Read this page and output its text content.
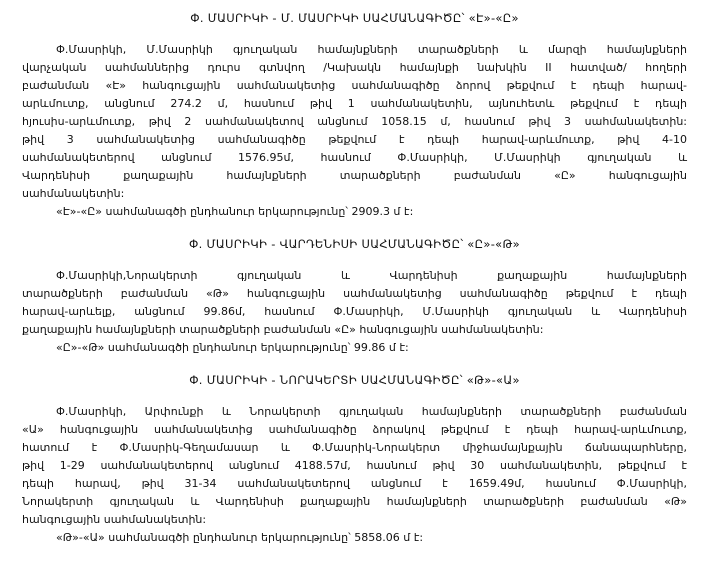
Փ. ՄԱՍՐԻԿԻ - Մ. ՄԱՍՐԻԿԻ ՍԱՀՄԱՆԱԳԻԾԸ՝ «Է»-«Ը»
Փ.Մասրիկի, Մ.Մասրիկի գյուղական համայնքների տարածքների և մարզի համայնքների
վարչական սահմաններից դուրս գտնվող /Կախակն համայնքի նախկին II հատված/ հողերի
բաժանման «Է» հանգուցային սահմանակետից սահմանագիծը ձորով թեքվում է դեպի հարավ-
արևմուտք, անցնում 274.2 մ, հասնում թիվ 1 սահմանակետին, այնուհետև թեքվում է դեպի
հյուսիս-արևմուտք, թիվ 2 սահմանակետով անցնում 1058.15 մ, հասնում թիվ 3 սահմանակետին:
թիվ 3 սահմանակետից սահմանագիծը թեքվում է դեպի հարավ-արևմուտք, թիվ 4-10
սահմանակետերով անցնում 1576.95մ, հասնում Փ.Մասրիկի, Մ.Մասրիկի գյուղական և
Վարդենիսի քաղաքային համայնքների տարածքների բաժանման «Ը» հանգուցային
սահմանակետին:
«Է»-«Ը» սահմանագծի ընդհանուր երկարությունը՝ 2909.3 մ է:
Փ. ՄԱՍՐԻԿԻ - ՎԱՐԴԵՆԻՍԻ ՍԱՀՄԱՆԱԳԻԾԸ՝ «Ը»-«Թ»
Փ.Մասրիկի,Նորակերտի գյուղական և Վարդենիսի քաղաքային համայնքների
տարածքների բաժանման «Թ» հանգուցային սահմանակետից սահմանագիծը թեքվում է դեպի
հարավ-արևելք, անցնում 99.86մ, հասնում Փ.Մասրիկի, Մ.Մասրիկի գյուղական և Վարդենիսի
քաղաքային համայնքների տարածքների բաժանման «Ը» հանգուցային սահմանակետին:
«Ը»-«Թ» սահմանագծի ընդհանուր երկարությունը՝ 99.86 մ է:
Փ. ՄԱՍՐԻԿԻ - ՆՈՐԱԿԵՐՏԻ ՍԱՀՄԱՆԱԳԻԾԸ՝ «Թ»-«Ա»
Փ.Մասրիկի, Արփունքի և Նորակերտի գյուղական համայնքների տարածքների բաժանման
«Ա» հանգուցային սահմանակետից սահմանագիծը ձորակով թեքվում է դեպի հարավ-արևմուտք,
հատում է Փ.Մասրիկ-Գեղամասար և Փ.Մասրիկ-Նորակերտ միջհամայնքային ճանապարհները,
թիվ 1-29 սահմանակետերով անցնում 4188.57մ, հասնում թիվ 30 սահմանակետին, թեքվում է
դեպի հարավ, թիվ 31-34 սահմանակետերով անցնում է 1659.49մ, հասնում Փ.Մասրիկի,
Նորակերտի գյուղական և Վարդենիսի քաղաքային համայնքների տարածքների բաժանման «Թ»
հանգուցային սահմանակետին:
«Թ»-«Ա» սահմանագծի ընդհանուր երկարությունը՝ 5858.06 մ է:
